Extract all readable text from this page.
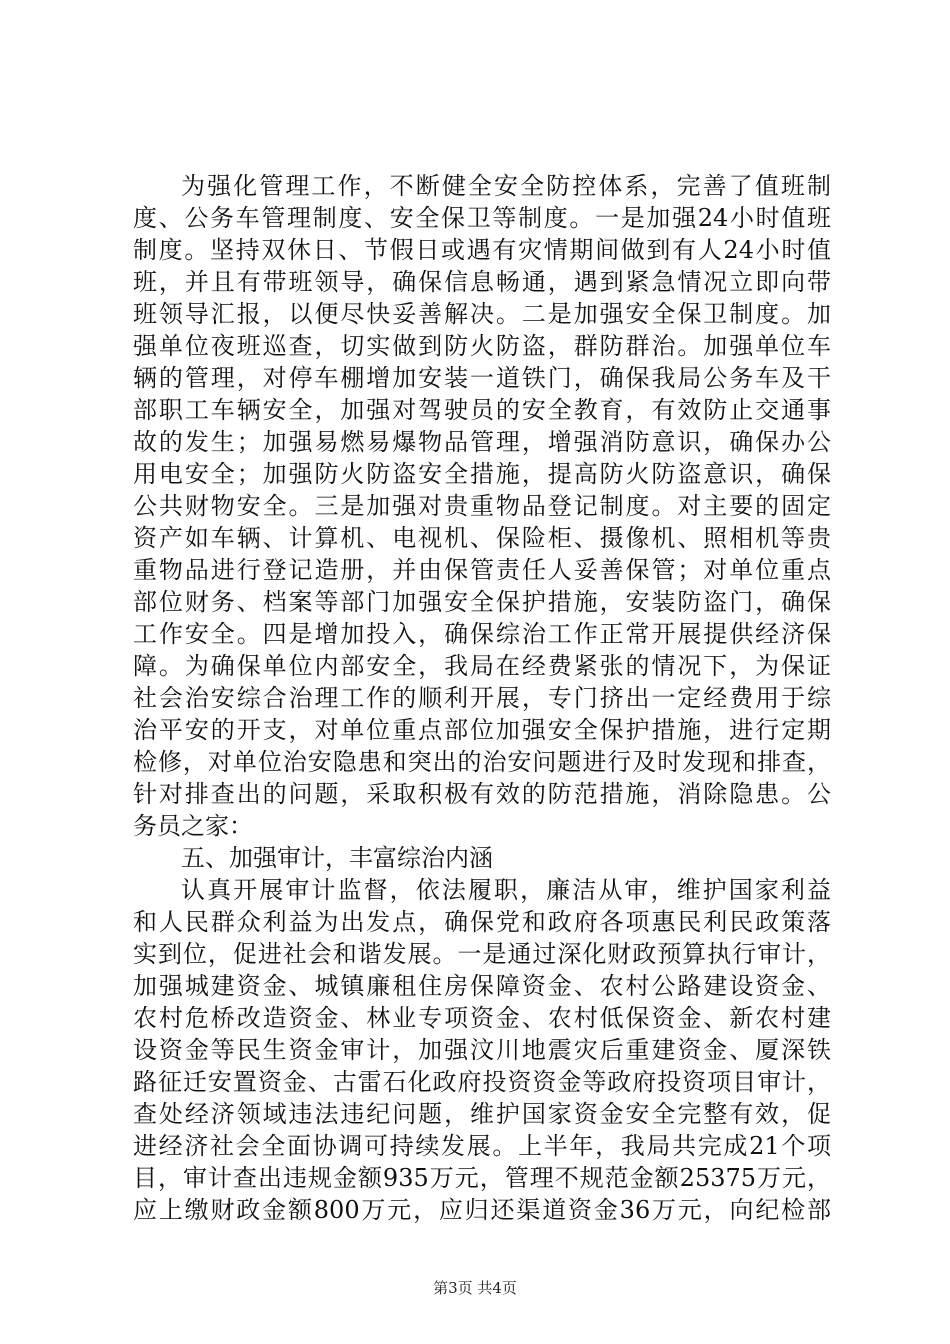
为强化管理工作，不断健全安全防控体系，完善了值班制
度、公务车管理制度、安全保卫等制度。一是加强24小时值班
制度。坚持双休日、节假日或遇有灾情期间做到有人24小时值
班，并且有带班领导，确保信息畅通，遇到紧急情况立即向带
班领导汇报，以便尽快妥善解决。二是加强安全保卫制度。加
强单位夜班巡查，切实做到防火防盗，群防群治。加强单位车
辆的管理，对停车棚增加安装一道铁门，确保我局公务车及干
部职工车辆安全，加强对驾驶员的安全教育，有效防止交通事
故的发生；加强易燃易爆物品管理，增强消防意识，确保办公
用电安全；加强防火防盗安全措施，提高防火防盗意识，确保
公共财物安全。三是加强对贵重物品登记制度。对主要的固定
资产如车辆、计算机、电视机、保险柜、摄像机、照相机等贵
重物品进行登记造册，并由保管责任人妥善保管；对单位重点
部位财务、档案等部门加强安全保护措施，安装防盗门，确保
工作安全。四是增加投入，确保综治工作正常开展提供经济保
障。为确保单位内部安全，我局在经费紧张的情况下，为保证
社会治安综合治理工作的顺利开展，专门挤出一定经费用于综
治平安的开支，对单位重点部位加强安全保护措施，进行定期
检修，对单位治安隐患和突出的治安问题进行及时发现和排查，
针对排查出的问题，采取积极有效的防范措施，消除隐患。公
务员之家：
五、加强审计，丰富综治内涵
认真开展审计监督，依法履职，廉洁从审，维护国家利益
和人民群众利益为出发点，确保党和政府各项惠民利民政策落
实到位，促进社会和谐发展。一是通过深化财政预算执行审计，
加强城建资金、城镇廉租住房保障资金、农村公路建设资金、
农村危桥改造资金、林业专项资金、农村低保资金、新农村建
设资金等民生资金审计，加强汶川地震灾后重建资金、厦深铁
路征迁安置资金、古雷石化政府投资资金等政府投资项目审计，
查处经济领域违法违纪问题，维护国家资金安全完整有效，促
进经济社会全面协调可持续发展。上半年，我局共完成21个项
目，审计查出违规金额935万元，管理不规范金额25375万元，
应上缴财政金额800万元，应归还渠道资金36万元，向纪检部
第3页 共4页
